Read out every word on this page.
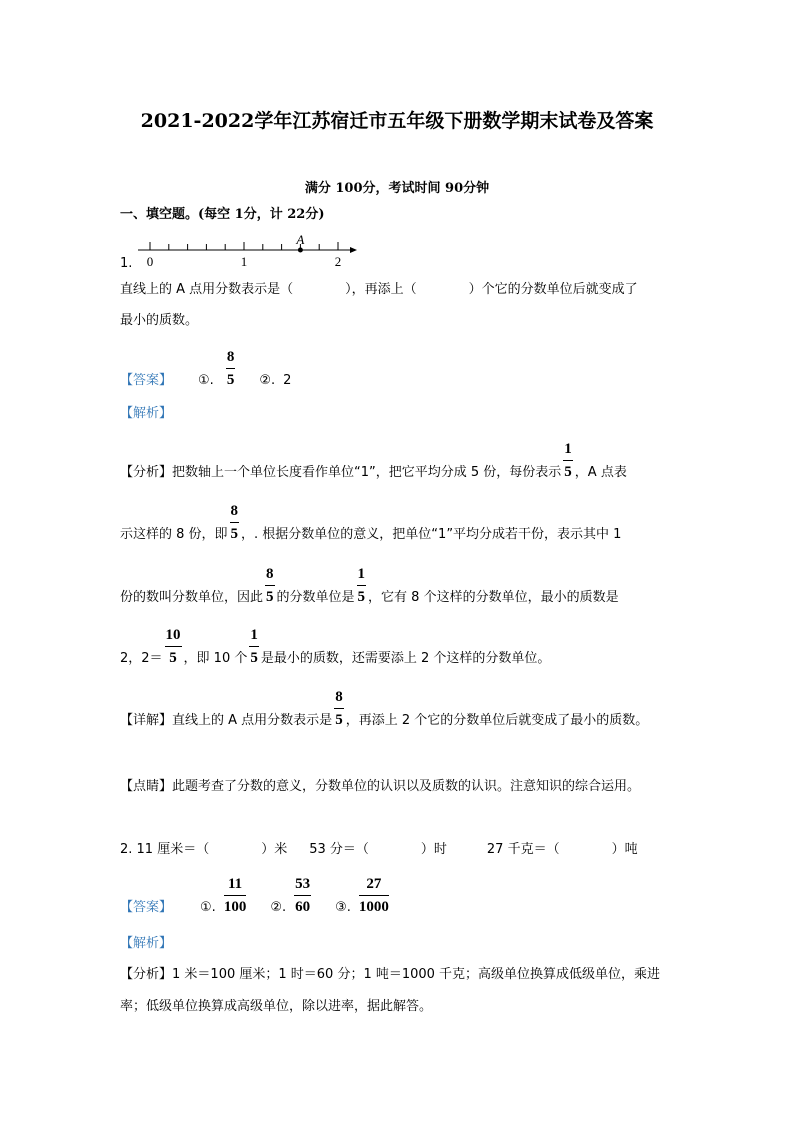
2021-2022学年江苏宿迁市五年级下册数学期末试卷及答案
满分 100分，考试时间 90分钟
一、填空题。(每空 1分，计 22分)
1. 0	1	2
A
直线上的 A 点用分数表示是（　　　　），再添上（　　　　）个它的分数单位后就变成了
最小的质数。
【答案】 ①. $\frac{8}{5}$ ②. 2
【解析】
【分析】把数轴上一个单位长度看作单位“1”，把它平均分成 5 份，每份表示 $\frac{1}{5}$ ，A 点表
示这样的 8 份，即 $\frac{8}{5}$ ，. 根据分数单位的意义，把单位“1”平均分成若干份，表示其中 1
份的数叫分数单位，因此 $\frac{8}{5}$ 的分数单位是 $\frac{1}{5}$ ，它有 8 个这样的分数单位，最小的质数是
2，$2= \frac{10}{5}$ ，即 10 个 $\frac{1}{5}$ 是最小的质数，还需要添上 2 个这样的分数单位。
【详解】直线上的 A 点用分数表示是 $\frac{8}{5}$ ，再添上 2 个它的分数单位后就变成了最小的质数。
【点睛】此题考查了分数的意义，分数单位的认识以及质数的认识。注意知识的综合运用。
2. 11 厘米＝（　　　　）米 53 分＝（　　　　）时	27 千克＝（　　　　）吨
【答案】 ①. $\frac{11}{100}$ ②. $\frac{53}{60}$ ③. $\frac{27}{1000}$
【解析】
【分析】1 米＝100 厘米；1 时＝60 分；1 吨＝1000 千克；高级单位换算成低级单位，乘进
率；低级单位换算成高级单位，除以进率，据此解答。
